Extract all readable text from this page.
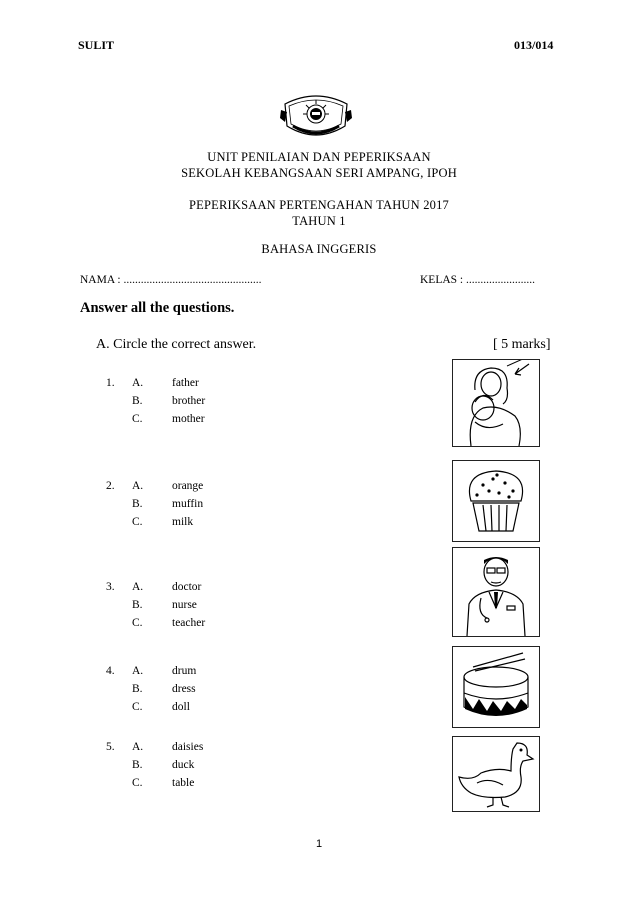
SULIT	013/014
UNIT PENILAIAN DAN PEPERIKSAAN
SEKOLAH KEBANGSAAN SERI AMPANG, IPOH
PEPERIKSAAN PERTENGAHAN TAHUN 2017
TAHUN 1
BAHASA INGGERIS
NAMA : ................................................	KELAS : ........................
Answer all the questions.
A. Circle the correct answer.	[ 5 marks]
1.	A.	father
B.	brother
C.	mother
2.	A.	orange
B.	muffin
C.	milk
3.	A.	doctor
B.	nurse
C.	teacher
4.	A.	drum
B.	dress
C.	doll
5.	A.	daisies
B.	duck
C.	table
1
